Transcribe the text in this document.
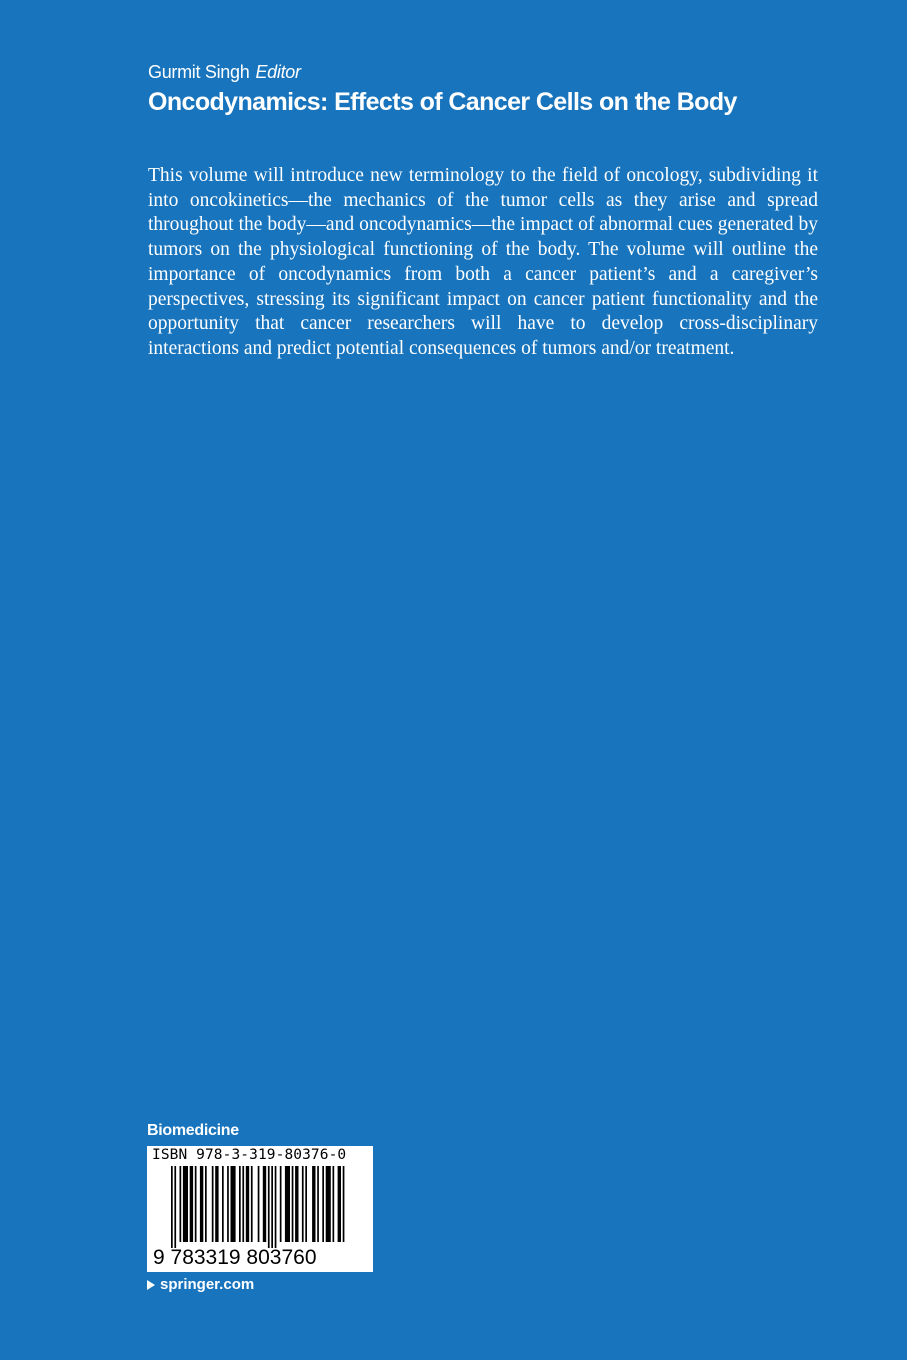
Gurmit Singh Editor
Oncodynamics: Effects of Cancer Cells on the Body

This volume will introduce new terminology to the field of oncology, subdividing it into oncokinetics—the mechanics of the tumor cells as they arise and spread throughout the body—and oncodynamics—the impact of abnormal cues generated by tumors on the physiological functioning of the body. The volume will outline the importance of oncodynamics from both a cancer patient’s and a caregiver’s perspectives, stressing its significant impact on cancer patient functionality and the opportunity that cancer researchers will have to develop cross-disciplinary interactions and predict potential consequences of tumors and/or treatment.

Biomedicine
ISBN 978-3-319-80376-0
9 783319 803760
springer.com
